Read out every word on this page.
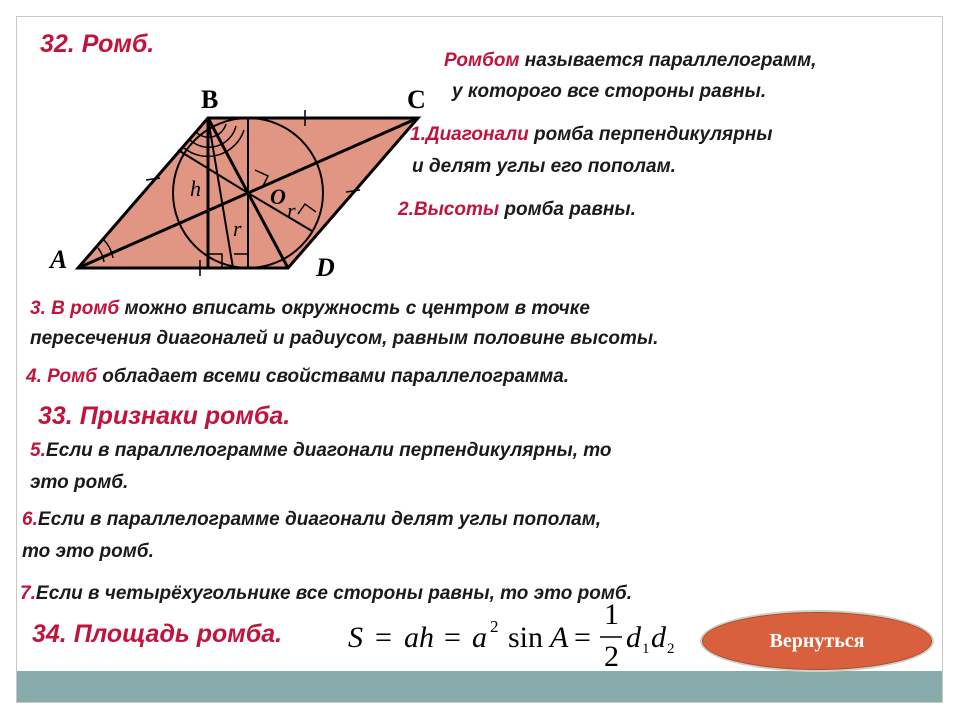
32. Ромб.
B	C
A	D
O
h
r
r
Ромбом называется параллелограмм,
у которого все стороны равны.
1.Диагонали ромба перпендикулярны
и делят углы его пополам.
2.Высоты ромба равны.
3. В ромб можно вписать окружность с центром в точке
пересечения диагоналей и радиусом, равным половине высоты.
4. Ромб обладает всеми свойствами параллелограмма.
33. Признаки ромба.
5.Если в параллелограмме диагонали перпендикулярны, то
это ромб.
6.Если в параллелограмме диагонали делят углы пополам,
то это ромб.
7.Если в четырёхугольнике все стороны равны, то это ромб.
34. Площадь ромба. S = ah = a 2 sin A =
1
2
d 1 d 2	Вернуться
